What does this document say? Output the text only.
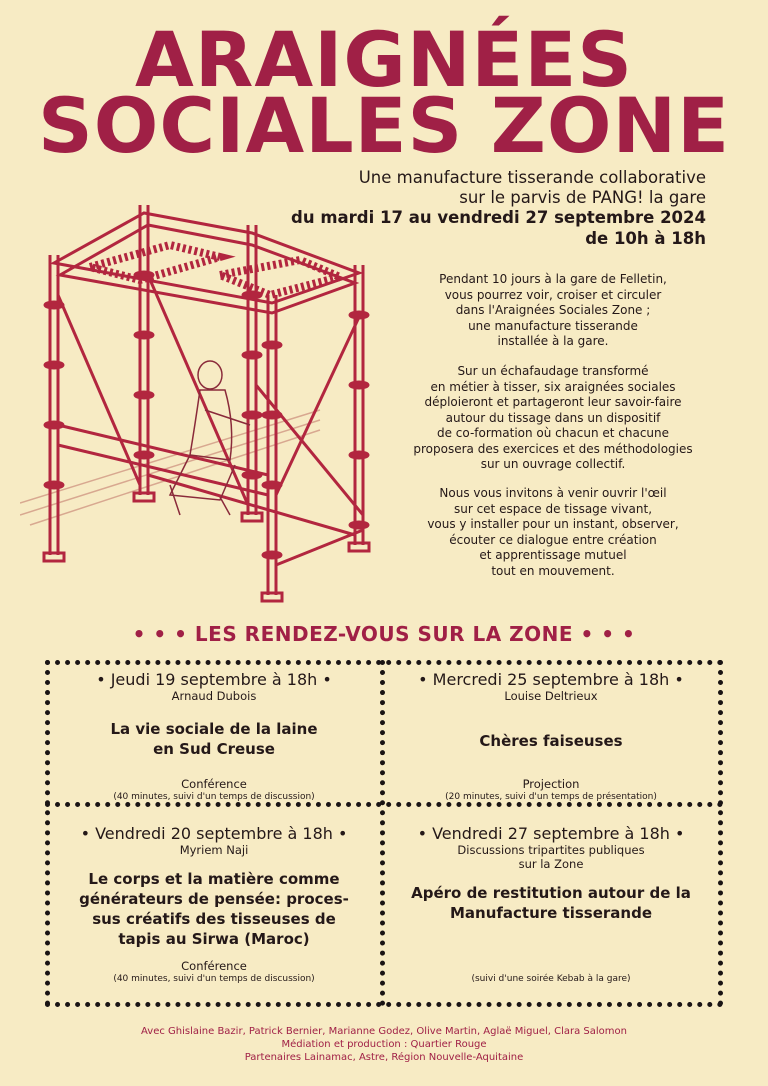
ARAIGNÉES
SOCIALES ZONE
Une manufacture tisserande collaborative
sur le parvis de PANG! la gare
du mardi 17 au vendredi 27 septembre 2024
de 10h à 18h
Pendant 10 jours à la gare de Felletin,
vous pourrez voir, croiser et circuler
dans l'Araignées Sociales Zone ;
une manufacture tisserande
installée à la gare.
Sur un échafaudage transformé
en métier à tisser, six araignées sociales
déploieront et partageront leur savoir-faire
autour du tissage dans un dispositif
de co-formation où chacun et chacune
proposera des exercices et des méthodologies
sur un ouvrage collectif.
Nous vous invitons à venir ouvrir l'œil
sur cet espace de tissage vivant,
vous y installer pour un instant, observer,
écouter ce dialogue entre création
et apprentissage mutuel
tout en mouvement.
• • • LES RENDEZ-VOUS SUR LA ZONE • • •
• Jeudi 19 septembre à 18h •
Arnaud Dubois
La vie sociale de la laine
en Sud Creuse
Conférence
(40 minutes, suivi d'un temps de discussion)
• Mercredi 25 septembre à 18h •
Louise Deltrieux
Chères faiseuses
Projection
(20 minutes, suivi d'un temps de présentation)
• Vendredi 20 septembre à 18h •
Myriem Naji
Le corps et la matière comme
générateurs de pensée: proces-
sus créatifs des tisseuses de
tapis au Sirwa (Maroc)
Conférence
(40 minutes, suivi d'un temps de discussion)
• Vendredi 27 septembre à 18h •
Discussions tripartites publiques
sur la Zone
Apéro de restitution autour de la
Manufacture tisserande
(suivi d'une soirée Kebab à la gare)
Avec Ghislaine Bazir, Patrick Bernier, Marianne Godez, Olive Martin, Aglaë Miguel, Clara Salomon
Médiation et production : Quartier Rouge
Partenaires Lainamac, Astre, Région Nouvelle-Aquitaine
